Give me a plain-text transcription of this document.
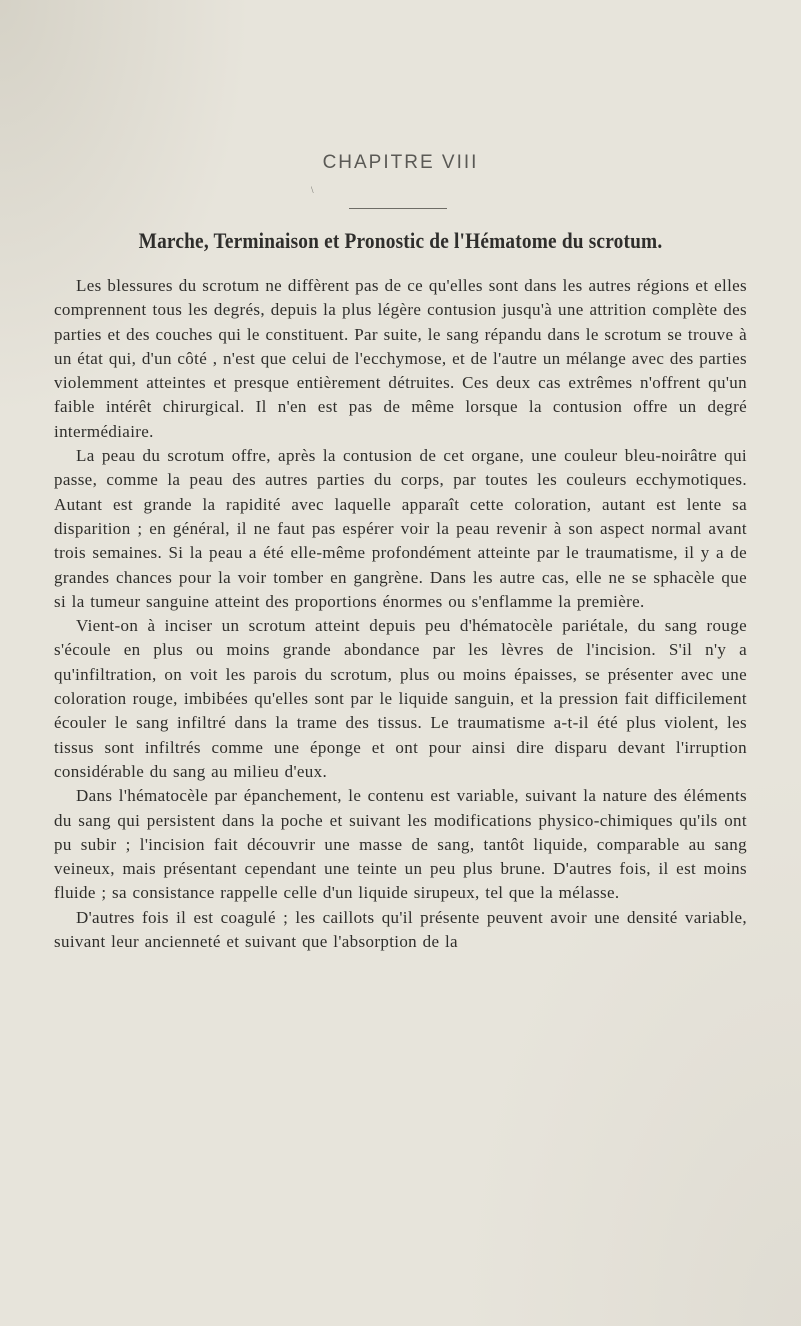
CHAPITRE VIII
\
Marche, Terminaison et Pronostic de l'Hématome du scrotum.

Les blessures du scrotum ne diffèrent pas de ce qu'elles sont dans les autres régions et elles comprennent tous les degrés, depuis la plus légère contusion jusqu'à une attrition complète des parties et des couches qui le constituent. Par suite, le sang répandu dans le scrotum se trouve à un état qui, d'un côté , n'est que celui de l'ecchymose, et de l'autre un mélange avec des parties violemment atteintes et presque entièrement détruites. Ces deux cas extrêmes n'offrent qu'un faible intérêt chirurgical. Il n'en est pas de même lorsque la contusion offre un degré intermédiaire.

La peau du scrotum offre, après la contusion de cet organe, une couleur bleu-noirâtre qui passe, comme la peau des autres parties du corps, par toutes les couleurs ecchymotiques. Autant est grande la rapidité avec laquelle apparaît cette coloration, autant est lente sa disparition ; en général, il ne faut pas espérer voir la peau revenir à son aspect normal avant trois semaines. Si la peau a été elle-même profondément atteinte par le traumatisme, il y a de grandes chances pour la voir tomber en gangrène. Dans les autre cas, elle ne se sphacèle que si la tumeur sanguine atteint des proportions énormes ou s'enflamme la première.

Vient-on à inciser un scrotum atteint depuis peu d'hématocèle pariétale, du sang rouge s'écoule en plus ou moins grande abondance par les lèvres de l'incision. S'il n'y a qu'infiltration, on voit les parois du scrotum, plus ou moins épaisses, se présenter avec une coloration rouge, imbibées qu'elles sont par le liquide sanguin, et la pression fait difficilement écouler le sang infiltré dans la trame des tissus. Le traumatisme a-t-il été plus violent, les tissus sont infiltrés comme une éponge et ont pour ainsi dire disparu devant l'irruption considérable du sang au milieu d'eux.

Dans l'hématocèle par épanchement, le contenu est variable, suivant la nature des éléments du sang qui persistent dans la poche et suivant les modifications physico-chimiques qu'ils ont pu subir ; l'incision fait découvrir une masse de sang, tantôt liquide, comparable au sang veineux, mais présentant cependant une teinte un peu plus brune. D'autres fois, il est moins fluide ; sa consistance rappelle celle d'un liquide sirupeux, tel que la mélasse.

D'autres fois il est coagulé ; les caillots qu'il présente peuvent avoir une densité variable, suivant leur ancienneté et suivant que l'absorption de la
